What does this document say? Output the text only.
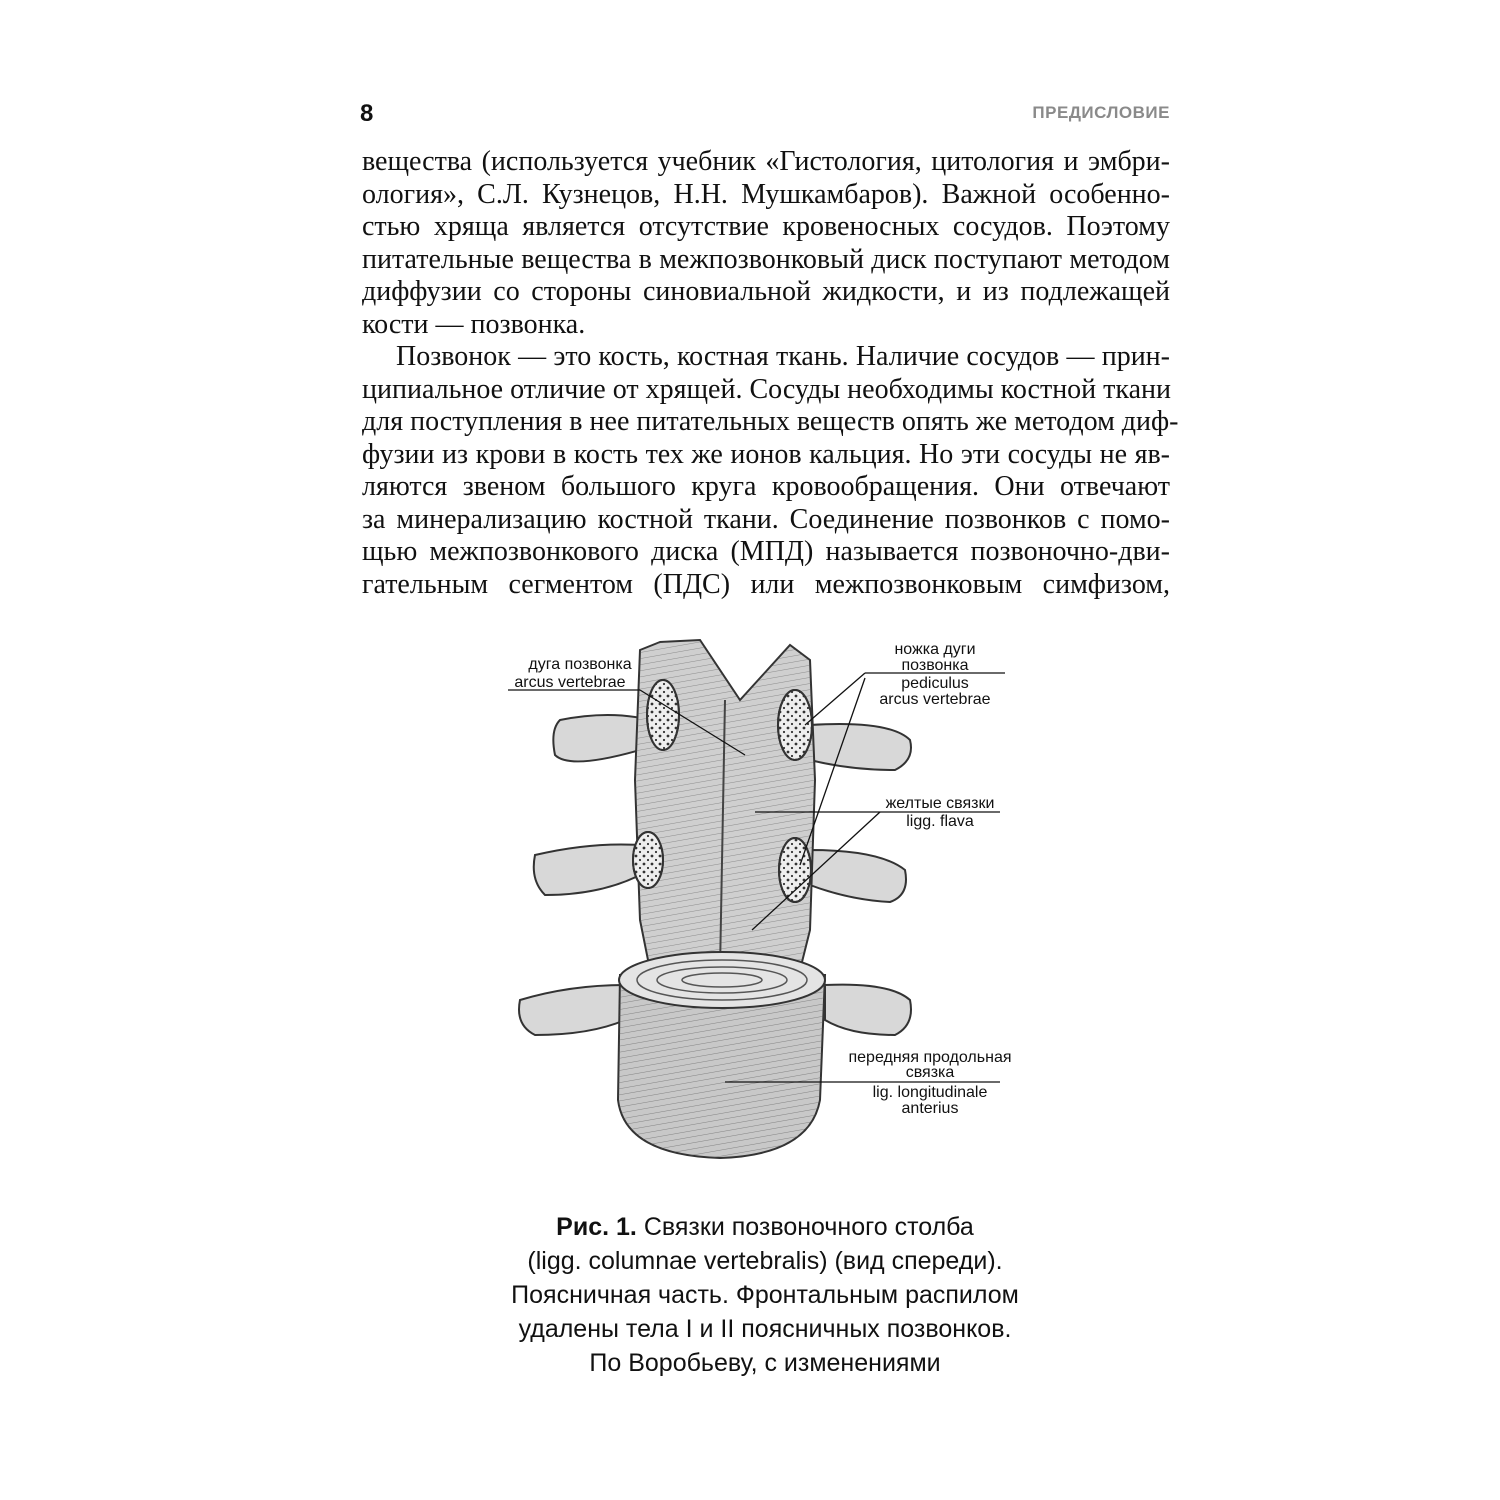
8	ПРЕДИСЛОВИЕ
вещества (используется учебник «Гистология, цитология и эмбри-
ология», С.Л. Кузнецов, Н.Н. Мушкамбаров). Важной особенно-
стью хряща является отсутствие кровеносных сосудов. Поэтому
питательные вещества в межпозвонковый диск поступают методом
диффузии со стороны синовиальной жидкости, и из подлежащей
кости — позвонка.
Позвонок — это кость, костная ткань. Наличие сосудов — прин-
ципиальное отличие от хрящей. Сосуды необходимы костной ткани
для поступления в нее питательных веществ опять же методом диф-
фузии из крови в кость тех же ионов кальция. Но эти сосуды не яв-
ляются звеном большого круга кровообращения. Они отвечают
за минерализацию костной ткани. Соединение позвонков с помо-
щью межпозвонкового диска (МПД) называется позвоночно-дви-
гательным сегментом (ПДС) или межпозвонковым симфизом,
дуга позвонка
arcus vertebrae
ножка дуги
позвонка
pediculus
arcus vertebrae
желтые связки
ligg. flava
передняя продольная
связка
lig. longitudinale
anterius
Рис. 1. Связки позвоночного столба
(ligg. columnae vertebralis) (вид спереди).
Поясничная часть. Фронтальным распилом
удалены тела I и II поясничных позвонков.
По Воробьеву, с изменениями
